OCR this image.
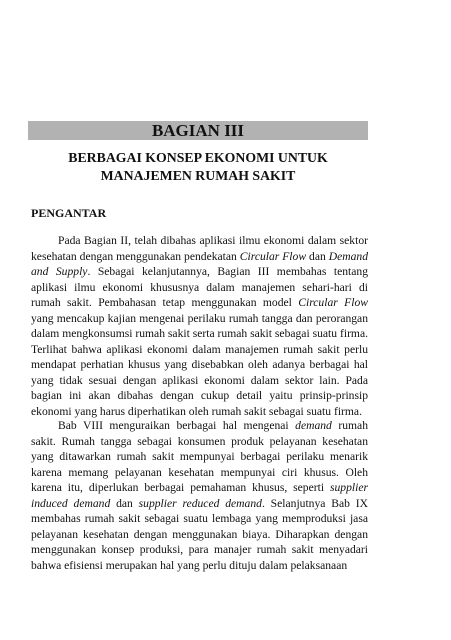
BAGIAN III
BERBAGAI KONSEP EKONOMI UNTUK
MANAJEMEN RUMAH SAKIT
PENGANTAR

Pada Bagian II, telah dibahas aplikasi ilmu ekonomi dalam sektor kesehatan dengan menggunakan pendekatan Circular Flow dan Demand and Supply. Sebagai kelanjutannya, Bagian III membahas tentang aplikasi ilmu ekonomi khususnya dalam manajemen sehari-hari di rumah sakit. Pembahasan tetap menggunakan model Circular Flow yang mencakup kajian mengenai perilaku rumah tangga dan perorangan dalam mengkonsumsi rumah sakit serta rumah sakit sebagai suatu firma. Terlihat bahwa aplikasi ekonomi dalam manajemen rumah sakit perlu mendapat perhatian khusus yang disebabkan oleh adanya berbagai hal yang tidak sesuai dengan aplikasi ekonomi dalam sektor lain. Pada bagian ini akan dibahas dengan cukup detail yaitu prinsip-prinsip ekonomi yang harus diperhatikan oleh rumah sakit sebagai suatu firma.

Bab VIII menguraikan berbagai hal mengenai demand rumah sakit. Rumah tangga sebagai konsumen produk pelayanan kesehatan yang ditawarkan rumah sakit mempunyai berbagai perilaku menarik karena memang pelayanan kesehatan mempunyai ciri khusus. Oleh karena itu, diperlukan berbagai pemahaman khusus, seperti supplier induced demand dan supplier reduced demand. Selanjutnya Bab IX membahas rumah sakit sebagai suatu lembaga yang memproduksi jasa pelayanan kesehatan dengan menggunakan biaya. Diharapkan dengan menggunakan konsep produksi, para manajer rumah sakit menyadari bahwa efisiensi merupakan hal yang perlu dituju dalam pelaksanaan
